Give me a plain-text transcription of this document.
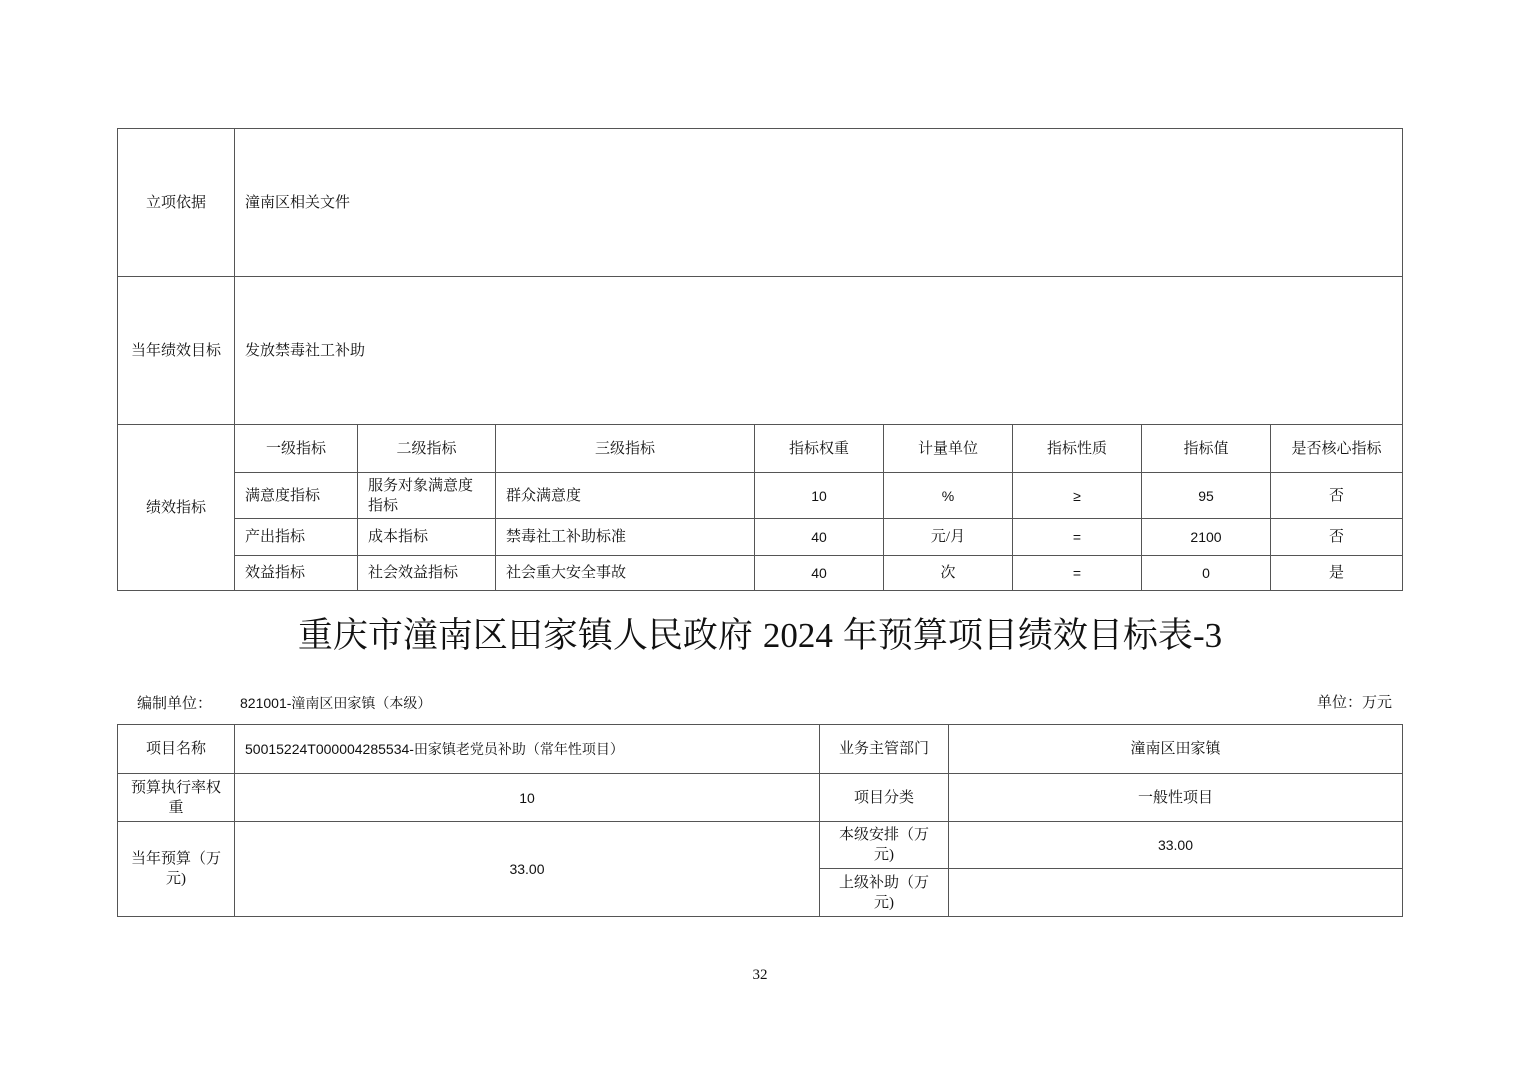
立项依据	潼南区相关文件							
当年绩效目标	发放禁毒社工补助							
绩效指标	一级指标	二级指标	三级指标	指标权重	计量单位	指标性质	指标值	是否核心指标
	满意度指标	服务对象满意度指标	群众满意度	10	%	≥	95	否
	产出指标	成本指标	禁毒社工补助标准	40	元/月	=	2100	否
	效益指标	社会效益指标	社会重大安全事故	40	次	=	0	是
重庆市潼南区田家镇人民政府 2024 年预算项目绩效目标表-3
编制单位： 821001-潼南区田家镇（本级）	单位：万元
项目名称	50015224T000004285534-田家镇老党员补助（常年性项目）	业务主管部门	潼南区田家镇
预算执行率权重	10	项目分类	一般性项目
当年预算（万元)	33.00	本级安排（万元)	33.00
		上级补助（万元)	
32
